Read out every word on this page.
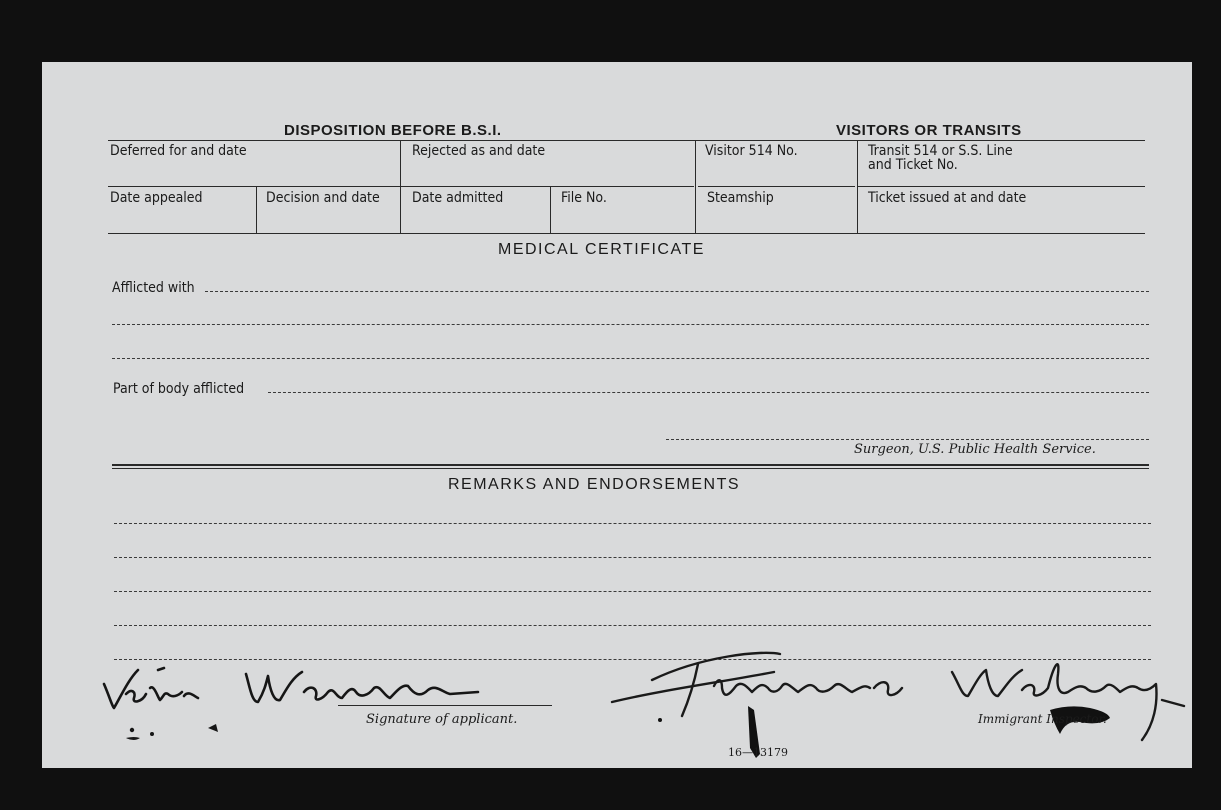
DISPOSITION BEFORE B.S.I.	VISITORS OR TRANSITS
Deferred for and date	Rejected as and date	Visitor 514 No.	Transit 514 or S.S. Line
and Ticket No.
Date appealed	Decision and date Date admitted	File No.	Steamship	Ticket issued at and date
MEDICAL CERTIFICATE
Afflicted with
Part of body afflicted
Surgeon, U.S. Public Health Service.
REMARKS AND ENDORSEMENTS
Signature of applicant.	Immigrant Inspector.
16—13179
